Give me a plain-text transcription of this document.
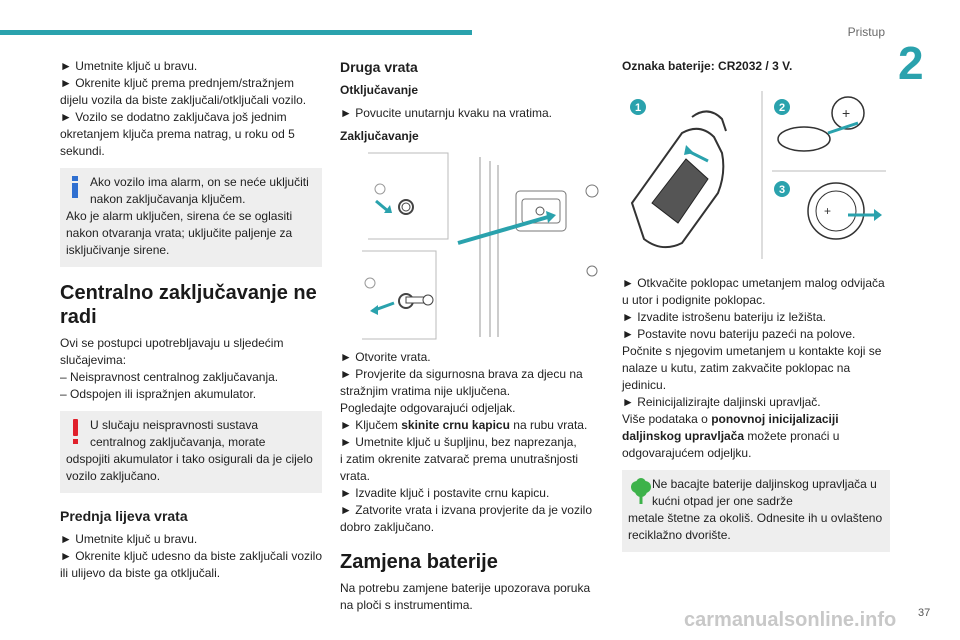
Pristup
2

► Umetnite ključ u bravu.

► Okrenite ključ prema prednjem/stražnjem dijelu vozila da biste zaključali/otključali vozilo.

► Vozilo se dodatno zaključava još jednim okretanjem ključa prema natrag, u roku od 5 sekundi.

Ako vozilo ima alarm, on se neće uključiti nakon zaključavanja ključem.

Ako je alarm uključen, sirena će se oglasiti nakon otvaranja vrata; uključite paljenje za isključivanje sirene.

Centralno zaključavanje ne radi

Ovi se postupci upotrebljavaju u sljedećim slučajevima:

– Neispravnost centralnog zaključavanja.

– Odspojen ili ispražnjen akumulator.

U slučaju neispravnosti sustava centralnog zaključavanja, morate

odspojiti akumulator i tako osigurali da je cijelo vozilo zaključano.

Prednja lijeva vrata

► Umetnite ključ u bravu.

► Okrenite ključ udesno da biste zaključali vozilo ili ulijevo da biste ga otključali.

Druga vrata
Otključavanje

► Povucite unutarnju kvaku na vratima.

Zaključavanje

► Otvorite vrata.

► Provjerite da sigurnosna brava za djecu na stražnjim vratima nije uključena.

Pogledajte odgovarajući odjeljak.

► Ključem skinite crnu kapicu na rubu vrata.

► Umetnite ključ u šupljinu, bez naprezanja,

i zatim okrenite zatvarač prema unutrašnjosti vrata.

► Izvadite ključ i postavite crnu kapicu.

► Zatvorite vrata i izvana provjerite da je vozilo dobro zaključano.

Zamjena baterije

Na potrebu zamjene baterije upozorava poruka na ploči s instrumentima.

Oznaka baterije: CR2032 / 3 V.

1	2	+
3
+

► Otkvačite poklopac umetanjem malog odvijača u utor i podignite poklopac.

► Izvadite istrošenu bateriju iz ležišta.

► Postavite novu bateriju pazeći na polove.

Počnite s njegovim umetanjem u kontakte koji se nalaze u kutu, zatim zakvačite poklopac na jedinicu.

► Reinicijalizirajte daljinski upravljač.

Više podataka o ponovnoj inicijalizaciji daljinskog upravljača možete pronaći u odgovarajućem odjeljku.

Ne bacajte baterije daljinskog upravljača u kućni otpad jer one sadrže

metale štetne za okoliš. Odnesite ih u ovlašteno reciklažno dvorište.

37
carmanualsonline.info
